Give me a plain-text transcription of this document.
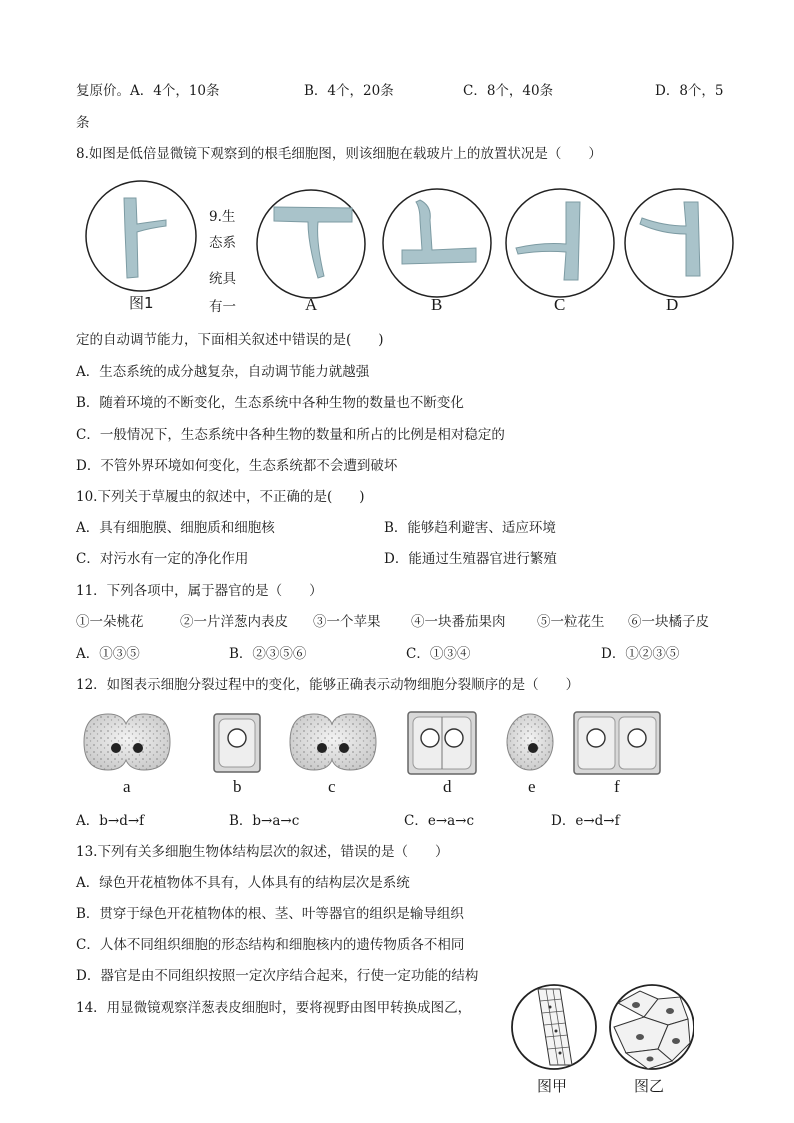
复原价。A．4个，10条	B．4个，20条	C．8个，40条	D．8个，5
条
8.如图是低倍显微镜下观察到的根毛细胞图，则该细胞在载玻片上的放置状况是（　　）
图1	A	B	C	D
9.生
态系
统具
有一
定的自动调节能力，下面相关叙述中错误的是(　　)
A．生态系统的成分越复杂，自动调节能力就越强
B．随着环境的不断变化，生态系统中各种生物的数量也不断变化
C．一般情况下，生态系统中各种生物的数量和所占的比例是相对稳定的
D．不管外界环境如何变化，生态系统都不会遭到破坏
10.下列关于草履虫的叙述中，不正确的是(　　)
A．具有细胞膜、细胞质和细胞核	B．能够趋利避害、适应环境
C．对污水有一定的净化作用	D．能通过生殖器官进行繁殖
11．下列各项中，属于器官的是（　　）
①一朵桃花	②一片洋葱内表皮 ③一个苹果 ④一块番茄果肉 ⑤一粒花生 ⑥一块橘子皮
A．①③⑤	B．②③⑤⑥	C．①③④	D．①②③⑤
12．如图表示细胞分裂过程中的变化，能够正确表示动物细胞分裂顺序的是（　　）
a	b	c	d	e	f
A．b→d→f	B．b→a→c	C．e→a→c	D．e→d→f
13.下列有关多细胞生物体结构层次的叙述，错误的是（　　）
A．绿色开花植物体不具有，人体具有的结构层次是系统
B．贯穿于绿色开花植物体的根、茎、叶等器官的组织是输导组织
C．人体不同组织细胞的形态结构和细胞核内的遗传物质各不相同
D．器官是由不同组织按照一定次序结合起来，行使一定功能的结构
14．用显微镜观察洋葱表皮细胞时，要将视野由图甲转换成图乙，
图甲	图乙
